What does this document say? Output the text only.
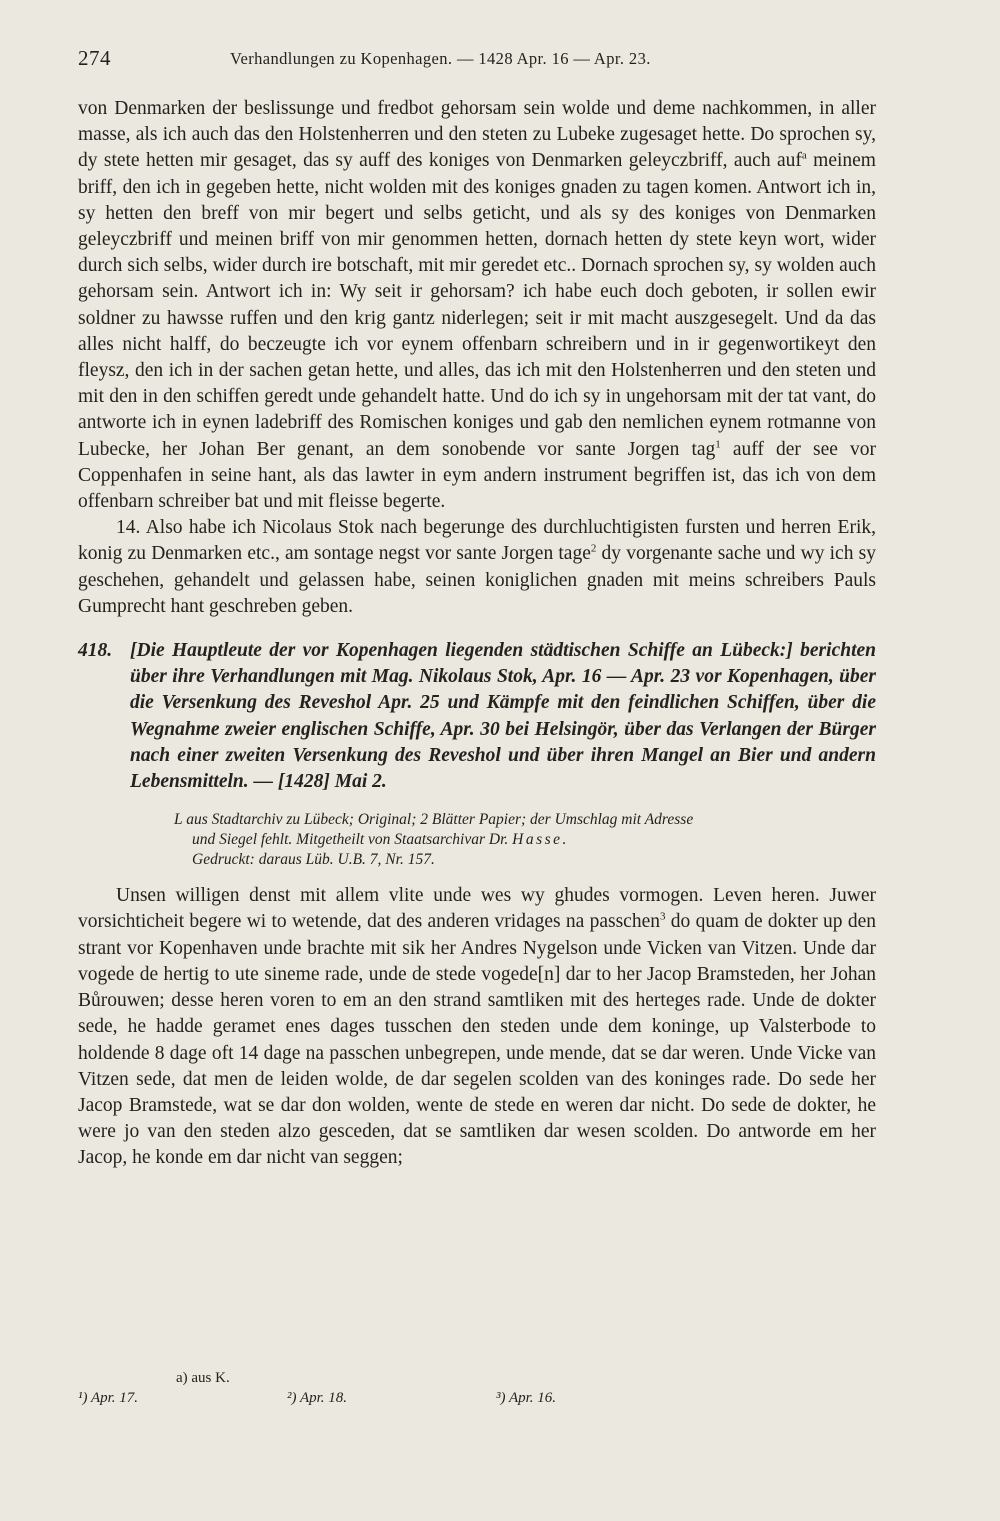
274	Verhandlungen zu Kopenhagen. — 1428 Apr. 16 — Apr. 23.

von Denmarken der beslissunge und fredbot gehorsam sein wolde und deme nachkommen, in aller masse, als ich auch das den Holstenherren und den steten zu Lubeke zugesaget hette. Do sprochen sy, dy stete hetten mir gesaget, das sy auff des koniges von Denmarken geleyczbriff, auch auf$^a$ meinem briff, den ich in gegeben hette, nicht wolden mit des koniges gnaden zu tagen komen. Antwort ich in, sy hetten den breff von mir begert und selbs geticht, und als sy des koniges von Denmarken geleyczbriff und meinen briff von mir genommen hetten, dornach hetten dy stete keyn wort, wider durch sich selbs, wider durch ire botschaft, mit mir geredet etc.. Dornach sprochen sy, sy wolden auch gehorsam sein. Antwort ich in: Wy seit ir gehorsam? ich habe euch doch geboten, ir sollen ewir soldner zu hawsse ruffen und den krig gantz niderlegen; seit ir mit macht auszgesegelt. Und da das alles nicht halff, do beczeugte ich vor eynem offenbarn schreibern und in ir gegenwortikeyt den fleysz, den ich in der sachen getan hette, und alles, das ich mit den Holstenherren und den steten und mit den in den schiffen geredt unde gehandelt hatte. Und do ich sy in ungehorsam mit der tat vant, do antworte ich in eynen ladebriff des Romischen koniges und gab den nemlichen eynem rotmanne von Lubecke, her Johan Ber genant, an dem sonobende vor sante Jorgen tag$^1$ auff der see vor Coppenhafen in seine hant, als das lawter in eym andern instrument begriffen ist, das ich von dem offenbarn schreiber bat und mit fleisse begerte.

14. Also habe ich Nicolaus Stok nach begerunge des durchluchtigisten fursten und herren Erik, konig zu Denmarken etc., am sontage negst vor sante Jorgen tage$^2$ dy vorgenante sache und wy ich sy geschehen, gehandelt und gelassen habe, seinen koniglichen gnaden mit meins schreibers Pauls Gumprecht hant geschreben geben.

418. [Die Hauptleute der vor Kopenhagen liegenden städtischen Schiffe an Lübeck:] berichten über ihre Verhandlungen mit Mag. Nikolaus Stok, Apr. 16 — Apr. 23 vor Kopenhagen, über die Versenkung des Reveshol Apr. 25 und Kämpfe mit den feindlichen Schiffen, über die Wegnahme zweier englischen Schiffe, Apr. 30 bei Helsingör, über das Verlangen der Bürger nach einer zweiten Versenkung des Reveshol und über ihren Mangel an Bier und andern Lebensmitteln. — [1428] Mai 2.

L aus Stadtarchiv zu Lübeck; Original; 2 Blätter Papier; der Umschlag mit Adresse

und Siegel fehlt. Mitgetheilt von Staatsarchivar Dr. Hasse.

Gedruckt: daraus Lüb. U.B. 7, Nr. 157.

Unsen willigen denst mit allem vlite unde wes wy ghudes vormogen. Leven heren. Juwer vorsichticheit begere wi to wetende, dat des anderen vridages na passchen$^3$ do quam de dokter up den strant vor Kopenhaven unde brachte mit sik her Andres Nygelson unde Vicken van Vitzen. Unde dar vogede de hertig to ute sineme rade, unde de stede vogede[n] dar to her Jacop Bramsteden, her Johan Bůrouwen; desse heren voren to em an den strand samtliken mit des herteges rade. Unde de dokter sede, he hadde geramet enes dages tusschen den steden unde dem koninge, up Valsterbode to holdende 8 dage oft 14 dage na passchen unbegrepen, unde mende, dat se dar weren. Unde Vicke van Vitzen sede, dat men de leiden wolde, de dar segelen scolden van des koninges rade. Do sede her Jacop Bramstede, wat se dar don wolden, wente de stede en weren dar nicht. Do sede de dokter, he were jo van den steden alzo gesceden, dat se samtliken dar wesen scolden. Do antworde em her Jacop, he konde em dar nicht van seggen;

a) aus K.
¹) Apr. 17.	²) Apr. 18.	³) Apr. 16.
